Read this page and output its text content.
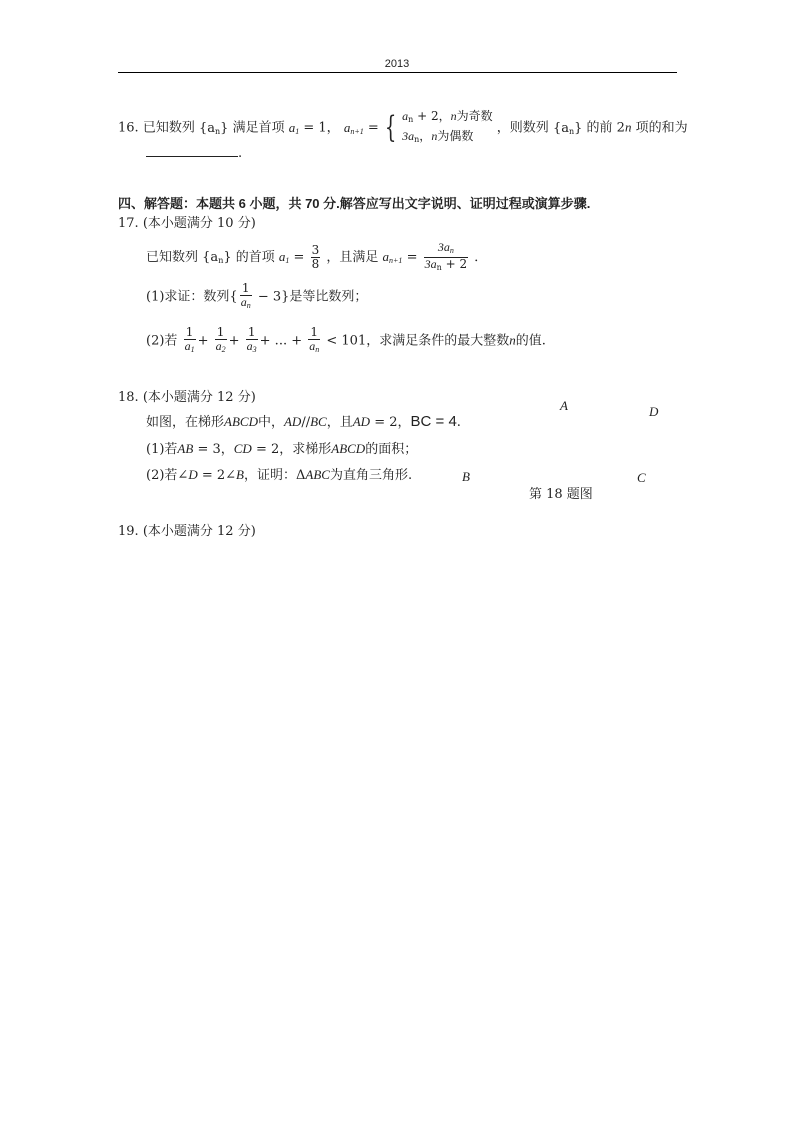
2013
16. 已知数列 $\{a_n\}$ 满足首项 $a_1 = 1$， $a_{n+1}$ = { $a_n + 2$，n为奇数
$3a_n$，n为偶数
，则数列 $\{a_n\}$ 的前 2n 项的和为
.
四、解答题：本题共 6 小题，共 70 分.解答应写出文字说明、证明过程或演算步骤.
17. (本小题满分 10 分)
已知数列 $\{a_n\}$ 的首项 $a_1 = \frac{3}{8}$ ，且满足 $a_{n+1} = \frac{3a_n}{3a_n + 2}$ ．
(1)求证：数列{ $\frac{1}{a_n} - 3$}是等比数列；
(2)若 $\frac{1}{a_1} + \frac{1}{a_2} + \frac{1}{a_3}$ + ... + $\frac{1}{a_n} < 101$，求满足条件的最大整数n的值.
18. (本小题满分 12 分)
如图，在梯形ABCD中，AD//BC，且AD = 2，BC = 4.
(1)若AB = 3，CD = 2，求梯形ABCD的面积；
(2)若∠D = 2∠B，证明：ΔABC为直角三角形.
A	D
B	C
第 18 题图
19. (本小题满分 12 分)
